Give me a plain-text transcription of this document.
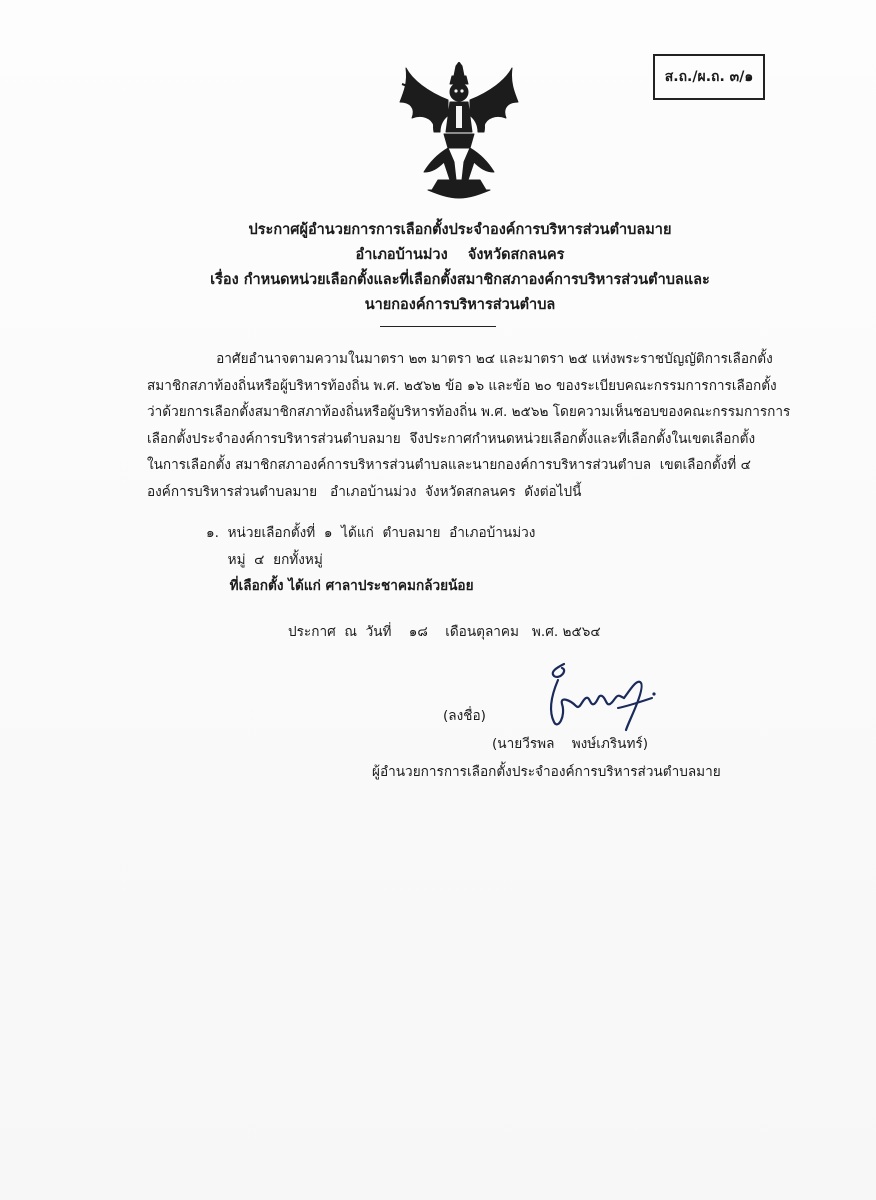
ส.ถ./ผ.ถ. ๓/๑
ประกาศผู้อำนวยการการเลือกตั้งประจำองค์การบริหารส่วนตำบลมาย
อำเภอบ้านม่วง    จังหวัดสกลนคร
เรื่อง กำหนดหน่วยเลือกตั้งและที่เลือกตั้งสมาชิกสภาองค์การบริหารส่วนตำบลและ
นายกองค์การบริหารส่วนตำบล
อาศัยอำนาจตามความในมาตรา ๒๓ มาตรา ๒๔ และมาตรา ๒๕ แห่งพระราชบัญญัติการเลือกตั้ง
สมาชิกสภาท้องถิ่นหรือผู้บริหารท้องถิ่น พ.ศ. ๒๕๖๒ ข้อ ๑๖ และข้อ ๒๐ ของระเบียบคณะกรรมการการเลือกตั้ง
ว่าด้วยการเลือกตั้งสมาชิกสภาท้องถิ่นหรือผู้บริหารท้องถิ่น พ.ศ. ๒๕๖๒ โดยความเห็นชอบของคณะกรรมการการ
เลือกตั้งประจำองค์การบริหารส่วนตำบลมาย  จึงประกาศกำหนดหน่วยเลือกตั้งและที่เลือกตั้งในเขตเลือกตั้ง
ในการเลือกตั้ง สมาชิกสภาองค์การบริหารส่วนตำบลและนายกองค์การบริหารส่วนตำบล  เขตเลือกตั้งที่ ๔
องค์การบริหารส่วนตำบลมาย   อำเภอบ้านม่วง  จังหวัดสกลนคร  ดังต่อไปนี้
๑.  หน่วยเลือกตั้งที่  ๑  ได้แก่  ตำบลมาย  อำเภอบ้านม่วง
หมู่  ๔  ยกทั้งหมู่
ที่เลือกตั้ง ได้แก่ ศาลาประชาคมกล้วยน้อย
ประกาศ  ณ  วันที่    ๑๘    เดือนตุลาคม   พ.ศ. ๒๕๖๔
(ลงชื่อ)
(นายวีรพล    พงษ์เภรินทร์)
ผู้อำนวยการการเลือกตั้งประจำองค์การบริหารส่วนตำบลมาย
